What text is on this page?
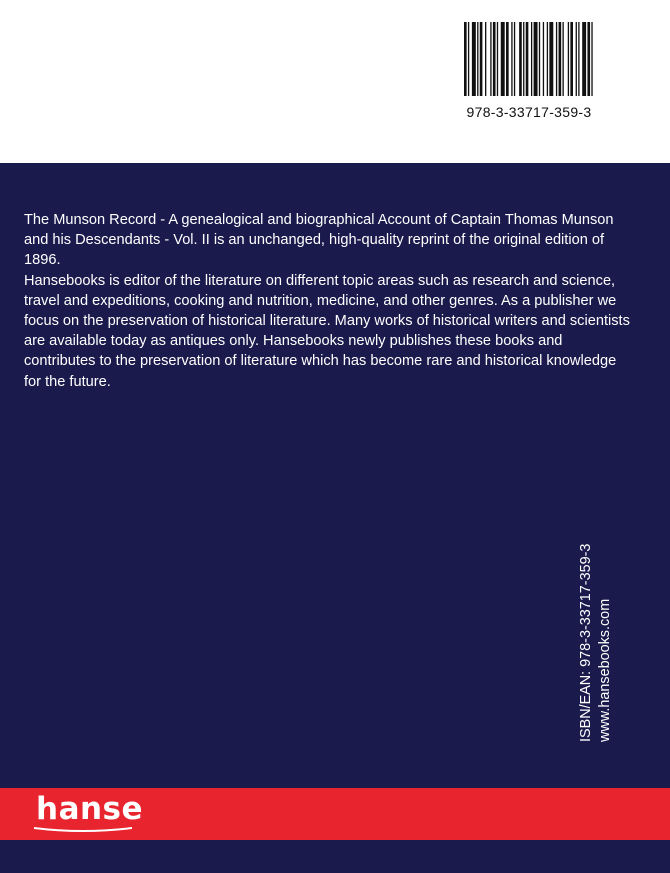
978-3-33717-359-3

The Munson Record - A genealogical and biographical Account of Captain Thomas Munson and his Descendants - Vol. II is an unchanged, high-quality reprint of the original edition of 1896.

Hansebooks is editor of the literature on different topic areas such as research and science, travel and expeditions, cooking and nutrition, medicine, and other genres. As a publisher we focus on the preservation of historical literature. Many works of historical writers and scientists are available today as antiques only. Hansebooks newly publishes these books and contributes to the preservation of literature which has become rare and historical knowledge for the future.

ISBN/EAN: 978-3-33717-359-3 www.hansebooks.com
hanse
